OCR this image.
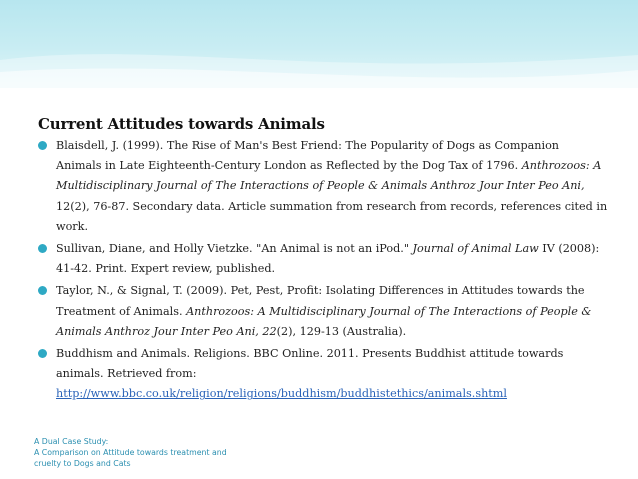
Current Attitudes towards Animals
Blaisdell, J. (1999). The Rise of Man's Best Friend: The Popularity of Dogs as Companion Animals in Late Eighteenth-Century London as Reflected by the Dog Tax of 1796. Anthrozoos: A Multidisciplinary Journal of The Interactions of People & Animals Anthroz Jour Inter Peo Ani, 12(2), 76-87. Secondary data. Article summation from research from records, references cited in work.
Sullivan, Diane, and Holly Vietzke. "An Animal is not an iPod." Journal of Animal Law IV (2008): 41-42. Print. Expert review, published.
Taylor, N., & Signal, T. (2009). Pet, Pest, Profit: Isolating Differences in Attitudes towards the Treatment of Animals. Anthrozoos: A Multidisciplinary Journal of The Interactions of People & Animals Anthroz Jour Inter Peo Ani, 22(2), 129-13 (Australia).
Buddhism and Animals. Religions. BBC Online. 2011. Presents Buddhist attitude towards animals. Retrieved from:
http://www.bbc.co.uk/religion/religions/buddhism/buddhistethics/animals.shtml
A Dual Case Study:
A Comparison on Attitude towards treatment and
cruelty to Dogs and Cats
